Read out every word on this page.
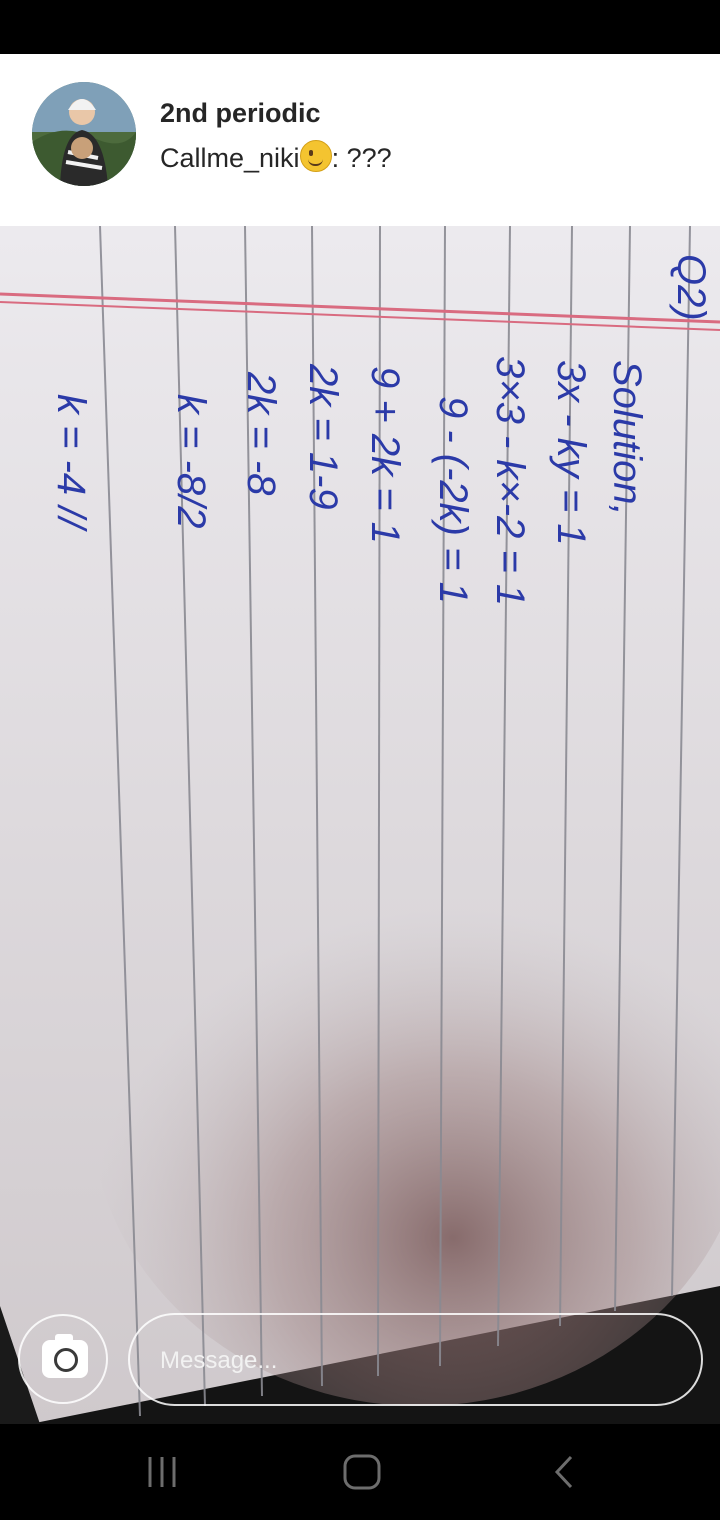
2nd periodic
Callme_niki : ???
Q2)
Solution,
3x - ky = 1
3×3 - k×-2 = 1
9 - (-2k) = 1
9 + 2k = 1
2k = 1-9
2k = -8
k = -8/2
k = -4 //
Message...
